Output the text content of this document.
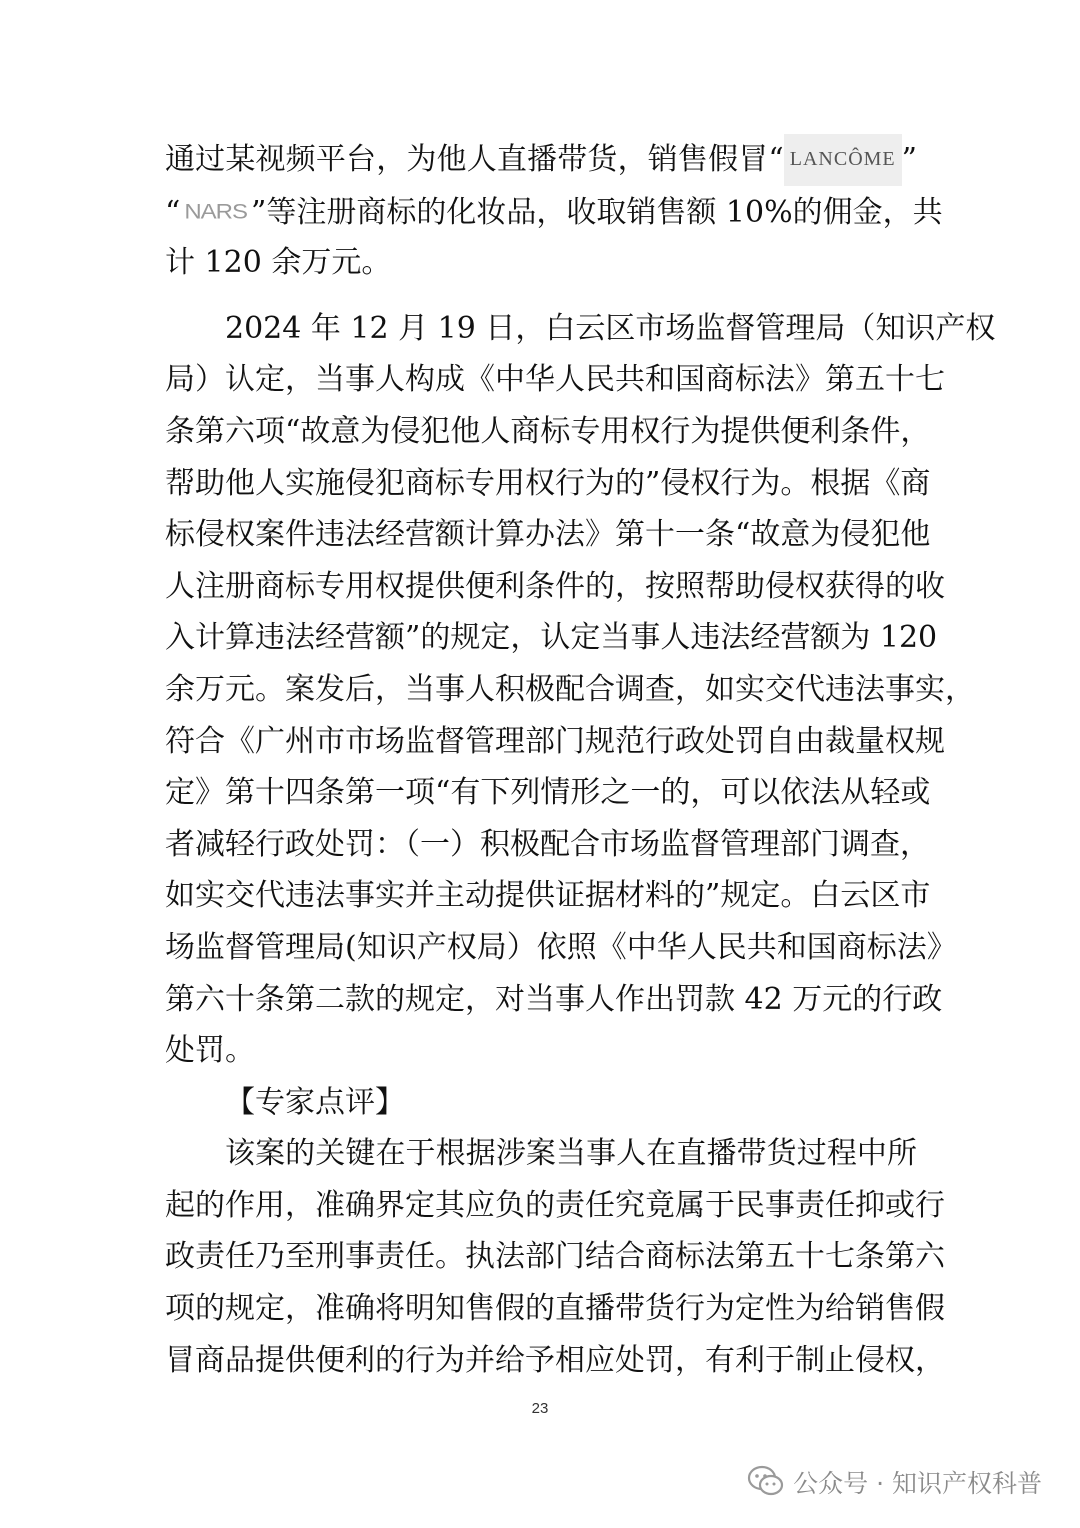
通过某视频平台，为他人直播带货，销售假冒“ LANCÔME ”
“ NARS ”等注册商标的化妆品，收取销售额 10%的佣金，共
计 120 余万元。
2024 年 12 月 19 日，白云区市场监督管理局（知识产权
局）认定，当事人构成《中华人民共和国商标法》第五十七
条第六项“故意为侵犯他人商标专用权行为提供便利条件，
帮助他人实施侵犯商标专用权行为的”侵权行为。根据《商
标侵权案件违法经营额计算办法》第十一条“故意为侵犯他
人注册商标专用权提供便利条件的，按照帮助侵权获得的收
入计算违法经营额”的规定，认定当事人违法经营额为 120
余万元。案发后，当事人积极配合调查，如实交代违法事实，
符合《广州市市场监督管理部门规范行政处罚自由裁量权规
定》第十四条第一项“有下列情形之一的，可以依法从轻或
者减轻行政处罚：（一）积极配合市场监督管理部门调查，
如实交代违法事实并主动提供证据材料的”规定。白云区市
场监督管理局(知识产权局）依照《中华人民共和国商标法》
第六十条第二款的规定，对当事人作出罚款 42 万元的行政
处罚。
【专家点评】
该案的关键在于根据涉案当事人在直播带货过程中所
起的作用，准确界定其应负的责任究竟属于民事责任抑或行
政责任乃至刑事责任。执法部门结合商标法第五十七条第六
项的规定，准确将明知售假的直播带货行为定性为给销售假
冒商品提供便利的行为并给予相应处罚，有利于制止侵权，
23
公众号 · 知识产权科普
